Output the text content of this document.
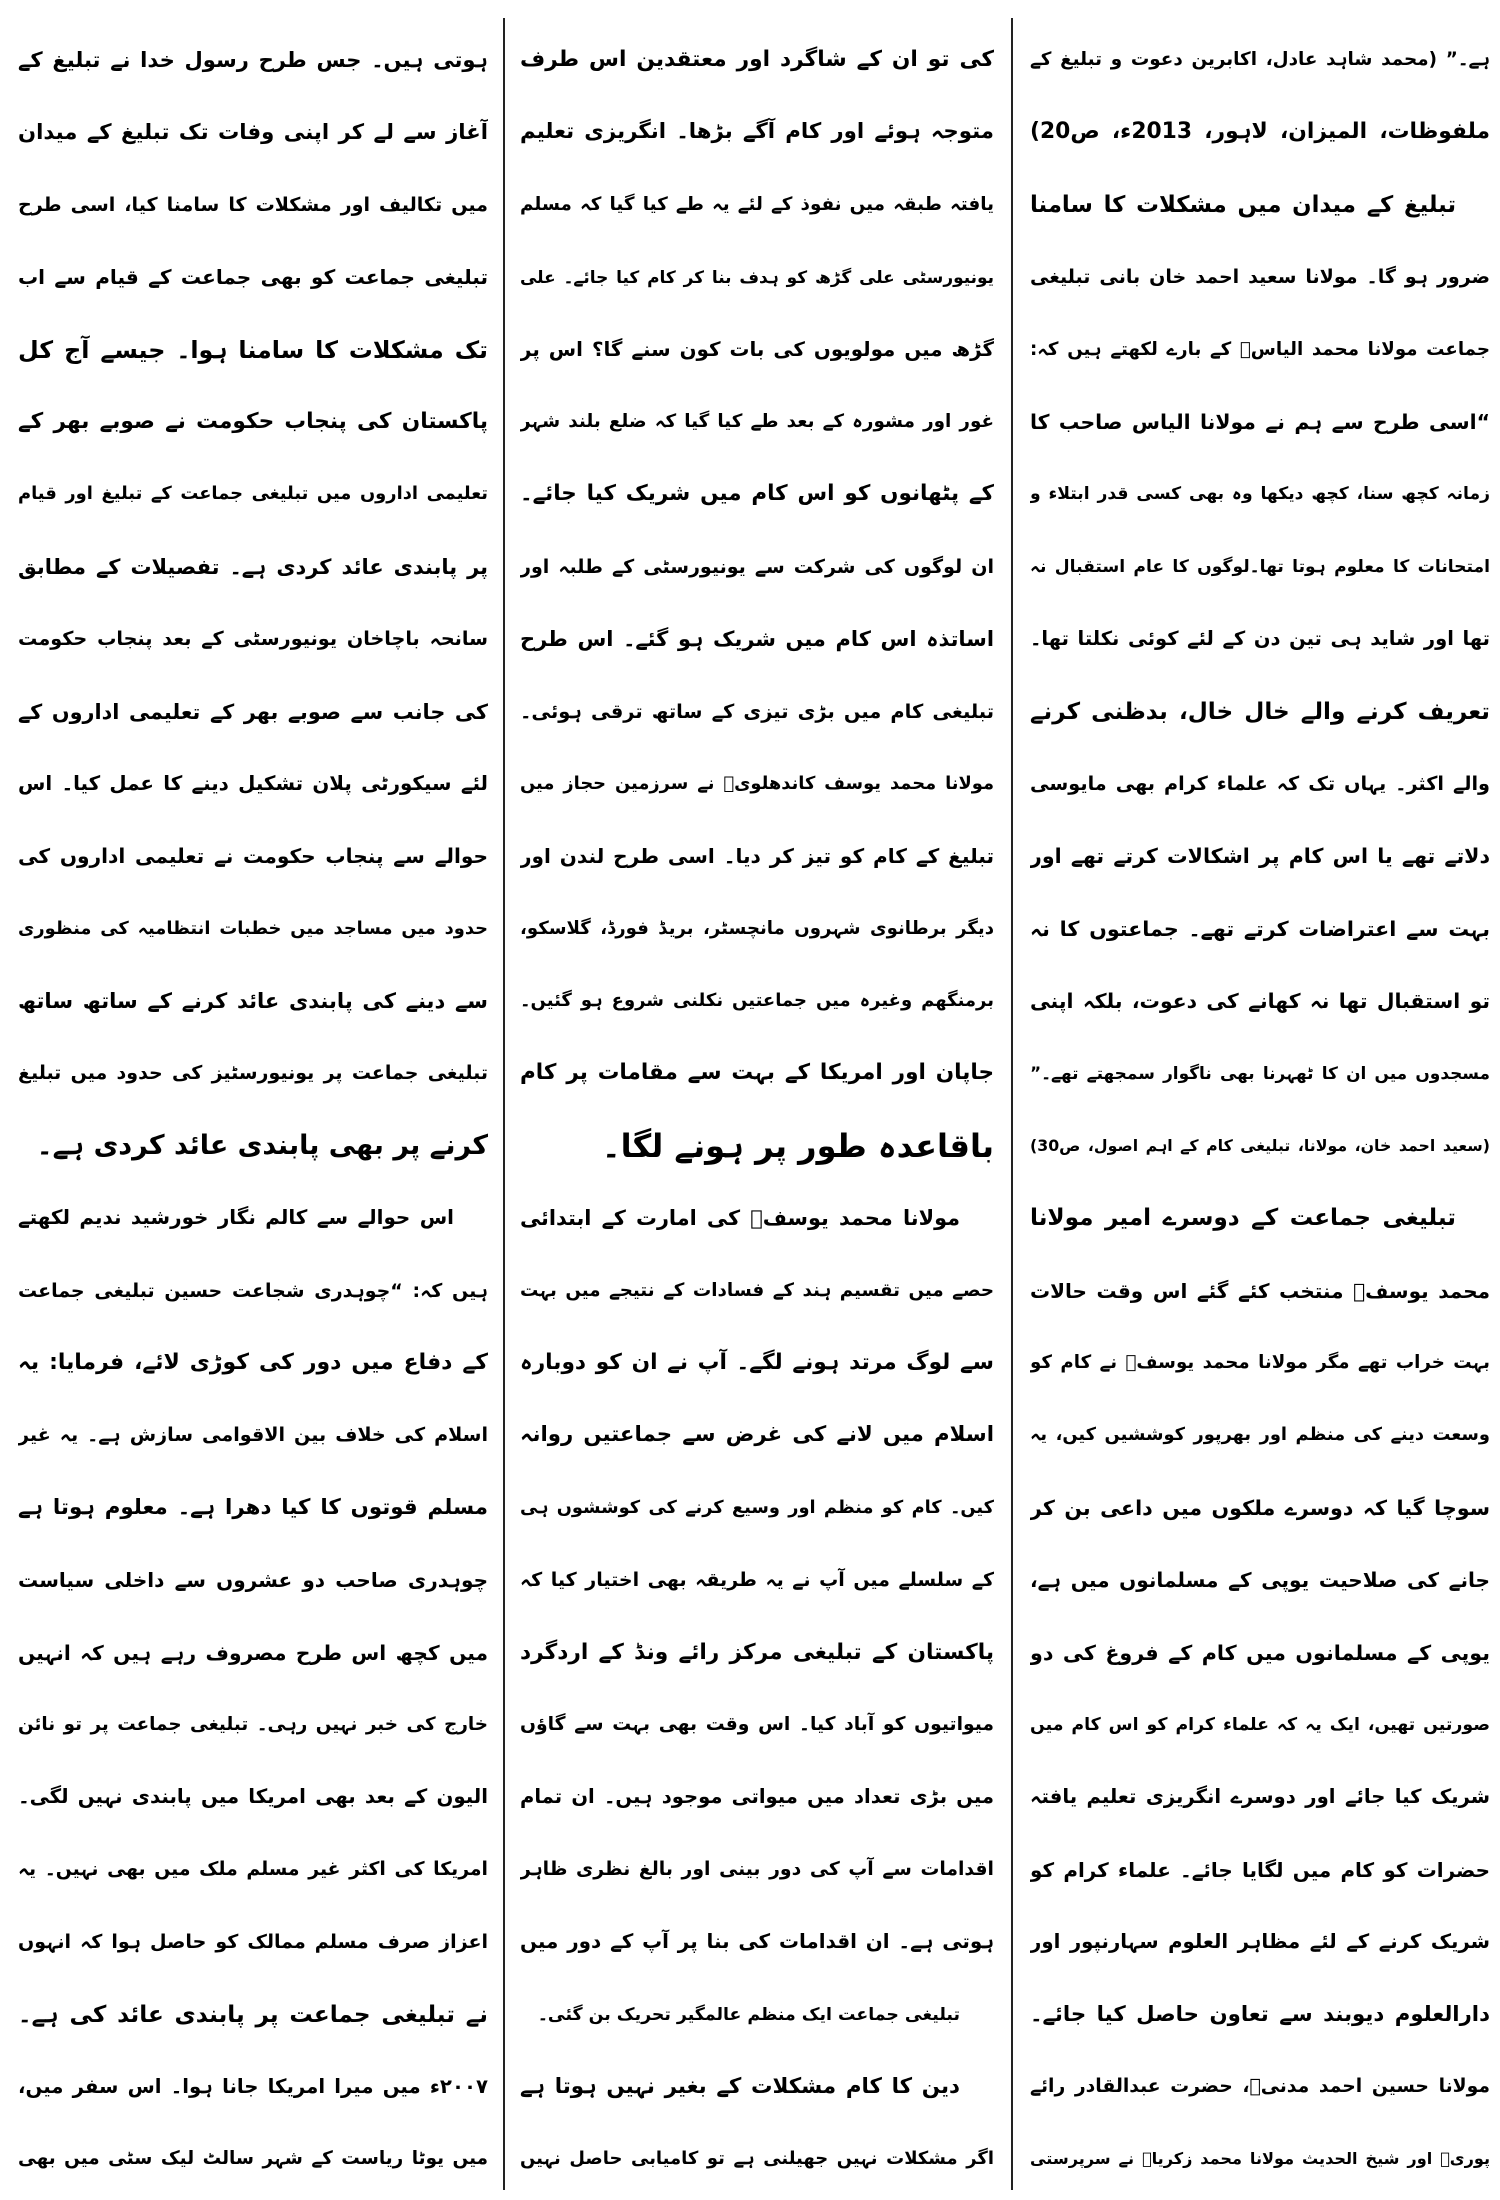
ہے۔” (محمد شاہد عادل، اکابرین دعوت و تبلیغ کے
ملفوظات، المیزان، لاہور، 2013ء، ص20)
تبلیغ کے میدان میں مشکلات کا سامنا
ضرور ہو گا۔ مولانا سعید احمد خان بانی تبلیغی
جماعت مولانا محمد الیاسؒ کے بارے لکھتے ہیں کہ:
“اسی طرح سے ہم نے مولانا الیاس صاحب کا
زمانہ کچھ سنا، کچھ دیکھا وہ بھی کسی قدر ابتلاء و
امتحانات کا معلوم ہوتا تھا۔لوگوں کا عام استقبال نہ
تھا اور شاید ہی تین دن کے لئے کوئی نکلتا تھا۔
تعریف کرنے والے خال خال، بدظنی کرنے
والے اکثر۔ یہاں تک کہ علماء کرام بھی مایوسی
دلاتے تھے یا اس کام پر اشکالات کرتے تھے اور
بہت سے اعتراضات کرتے تھے۔ جماعتوں کا نہ
تو استقبال تھا نہ کھانے کی دعوت، بلکہ اپنی
مسجدوں میں ان کا ٹھہرنا بھی ناگوار سمجھتے تھے۔”
(سعید احمد خان، مولانا، تبلیغی کام کے اہم اصول، ص30)
تبلیغی جماعت کے دوسرے امیر مولانا
محمد یوسفؒ منتخب کئے گئے اس وقت حالات
بہت خراب تھے مگر مولانا محمد یوسفؒ نے کام کو
وسعت دینے کی منظم اور بھرپور کوششیں کیں، یہ
سوچا گیا کہ دوسرے ملکوں میں داعی بن کر
جانے کی صلاحیت یوپی کے مسلمانوں میں ہے،
یوپی کے مسلمانوں میں کام کے فروغ کی دو
صورتیں تھیں، ایک یہ کہ علماء کرام کو اس کام میں
شریک کیا جائے اور دوسرے انگریزی تعلیم یافتہ
حضرات کو کام میں لگایا جائے۔ علماء کرام کو
شریک کرنے کے لئے مظاہر العلوم سہارنپور اور
دارالعلوم دیوبند سے تعاون حاصل کیا جائے۔
مولانا حسین احمد مدنیؒ، حضرت عبدالقادر رائے
پوریؒ اور شیخ الحدیث مولانا محمد زکریاؒ نے سرپرستی
کی تو ان کے شاگرد اور معتقدین اس طرف
متوجہ ہوئے اور کام آگے بڑھا۔ انگریزی تعلیم
یافتہ طبقہ میں نفوذ کے لئے یہ طے کیا گیا کہ مسلم
یونیورسٹی علی گڑھ کو ہدف بنا کر کام کیا جائے۔ علی
گڑھ میں مولویوں کی بات کون سنے گا؟ اس پر
غور اور مشورہ کے بعد طے کیا گیا کہ ضلع بلند شہر
کے پٹھانوں کو اس کام میں شریک کیا جائے۔
ان لوگوں کی شرکت سے یونیورسٹی کے طلبہ اور
اساتذہ اس کام میں شریک ہو گئے۔ اس طرح
تبلیغی کام میں بڑی تیزی کے ساتھ ترقی ہوئی۔
مولانا محمد یوسف کاندھلویؒ نے سرزمین حجاز میں
تبلیغ کے کام کو تیز کر دیا۔ اسی طرح لندن اور
دیگر برطانوی شہروں مانچسٹر، بریڈ فورڈ، گلاسکو،
برمنگھم وغیرہ میں جماعتیں نکلنی شروع ہو گئیں۔
جاپان اور امریکا کے بہت سے مقامات پر کام
باقاعدہ طور پر ہونے لگا۔
مولانا محمد یوسفؒ کی امارت کے ابتدائی
حصے میں تقسیم ہند کے فسادات کے نتیجے میں بہت
سے لوگ مرتد ہونے لگے۔ آپ نے ان کو دوبارہ
اسلام میں لانے کی غرض سے جماعتیں روانہ
کیں۔ کام کو منظم اور وسیع کرنے کی کوششوں ہی
کے سلسلے میں آپ نے یہ طریقہ بھی اختیار کیا کہ
پاکستان کے تبلیغی مرکز رائے ونڈ کے اردگرد
میواتیوں کو آباد کیا۔ اس وقت بھی بہت سے گاؤں
میں بڑی تعداد میں میواتی موجود ہیں۔ ان تمام
اقدامات سے آپ کی دور بینی اور بالغ نظری ظاہر
ہوتی ہے۔ ان اقدامات کی بنا پر آپ کے دور میں
تبلیغی جماعت ایک منظم عالمگیر تحریک بن گئی۔
دین کا کام مشکلات کے بغیر نہیں ہوتا ہے
اگر مشکلات نہیں جھیلنی ہے تو کامیابی حاصل نہیں
ہوتی ہیں۔ جس طرح رسول خدا نے تبلیغ کے
آغاز سے لے کر اپنی وفات تک تبلیغ کے میدان
میں تکالیف اور مشکلات کا سامنا کیا، اسی طرح
تبلیغی جماعت کو بھی جماعت کے قیام سے اب
تک مشکلات کا سامنا ہوا۔ جیسے آج کل
پاکستان کی پنجاب حکومت نے صوبے بھر کے
تعلیمی اداروں میں تبلیغی جماعت کے تبلیغ اور قیام
پر پابندی عائد کردی ہے۔ تفصیلات کے مطابق
سانحہ باچاخان یونیورسٹی کے بعد پنجاب حکومت
کی جانب سے صوبے بھر کے تعلیمی اداروں کے
لئے سیکورٹی پلان تشکیل دینے کا عمل کیا۔ اس
حوالے سے پنجاب حکومت نے تعلیمی اداروں کی
حدود میں مساجد میں خطبات انتظامیہ کی منظوری
سے دینے کی پابندی عائد کرنے کے ساتھ ساتھ
تبلیغی جماعت پر یونیورسٹیز کی حدود میں تبلیغ
کرنے پر بھی پابندی عائد کردی ہے۔
اس حوالے سے کالم نگار خورشید ندیم لکھتے
ہیں کہ: “چوہدری شجاعت حسین تبلیغی جماعت
کے دفاع میں دور کی کوڑی لائے، فرمایا: یہ
اسلام کی خلاف بین الاقوامی سازش ہے۔ یہ غیر
مسلم قوتوں کا کیا دھرا ہے۔ معلوم ہوتا ہے
چوہدری صاحب دو عشروں سے داخلی سیاست
میں کچھ اس طرح مصروف رہے ہیں کہ انہیں
خارج کی خبر نہیں رہی۔ تبلیغی جماعت پر تو نائن
الیون کے بعد بھی امریکا میں پابندی نہیں لگی۔
امریکا کی اکثر غیر مسلم ملک میں بھی نہیں۔ یہ
اعزاز صرف مسلم ممالک کو حاصل ہوا کہ انہوں
نے تبلیغی جماعت پر پابندی عائد کی ہے۔
۲۰۰۷ء میں میرا امریکا جانا ہوا۔ اس سفر میں،
میں یوٹا ریاست کے شہر سالٹ لیک سٹی میں بھی
